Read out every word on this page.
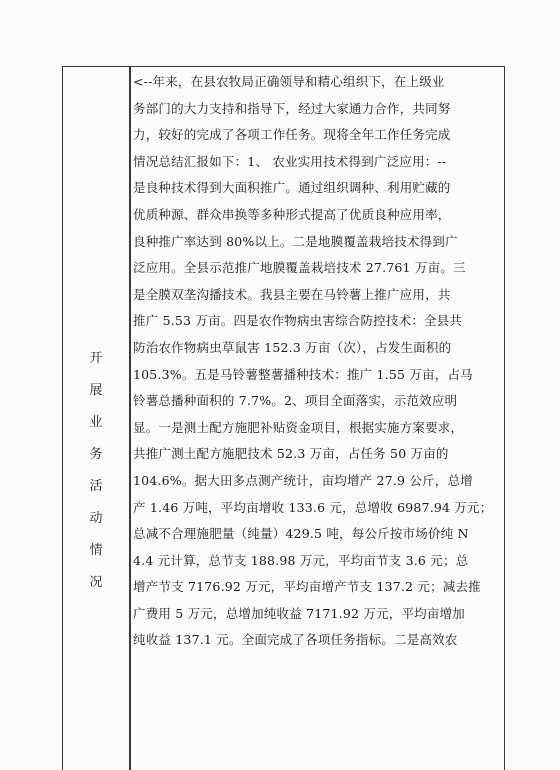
开
展
业
务
活
动
情
况
<--年来，在县农牧局正确领导和精心组织下，在上级业
务部门的大力支持和指导下，经过大家通力合作，共同努
力，较好的完成了各项工作任务。现将全年工作任务完成
情况总结汇报如下：1、 农业实用技术得到广泛应用：--
是良种技术得到大面积推广。通过组织调种、利用贮藏的
优质种源、群众串换等多种形式提高了优质良种应用率，
良种推广率达到 80%以上。二是地膜覆盖栽培技术得到广
泛应用。全县示范推广地膜覆盖栽培技术 27.761 万亩。三
是全膜双垄沟播技术。我县主要在马铃薯上推广应用，共
推广 5.53 万亩。四是农作物病虫害综合防控技术：全县共
防治农作物病虫草鼠害 152.3 万亩（次），占发生面积的
105.3%。五是马铃薯整薯播种技术：推广 1.55 万亩，占马
铃薯总播种面积的 7.7%。2、项目全面落实，示范效应明
显。一是测土配方施肥补贴资金项目，根据实施方案要求，
共推广测土配方施肥技术 52.3 万亩，占任务 50 万亩的
104.6%。据大田多点测产统计，亩均增产 27.9 公斤，总增
产 1.46 万吨，平均亩增收 133.6 元，总增收 6987.94 万元；
总减不合理施肥量（纯量）429.5 吨，每公斤按市场价纯 N
4.4 元计算，总节支 188.98 万元，平均亩节支 3.6 元；总
增产节支 7176.92 万元，平均亩增产节支 137.2 元；减去推
广费用 5 万元，总增加纯收益 7171.92 万元，平均亩增加
纯收益 137.1 元。全面完成了各项任务指标。二是高效农
